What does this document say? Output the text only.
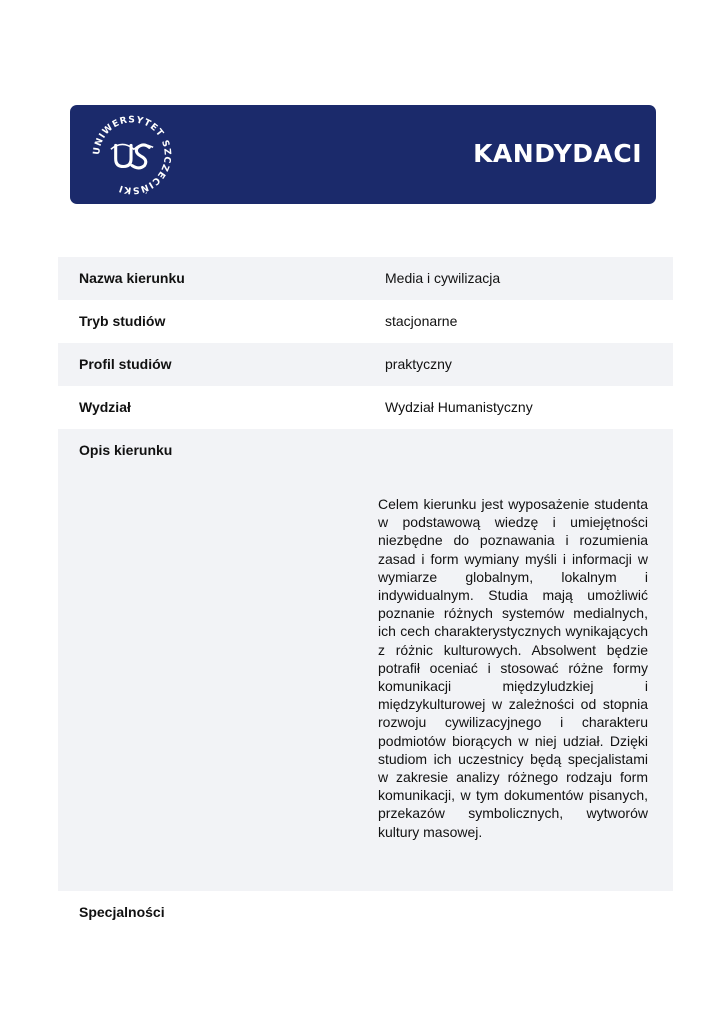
UNIWERSYTET SZCZECIŃSKI
KANDYDACI
Nazwa kierunku	Media i cywilizacja
Tryb studiów	stacjonarne
Profil studiów	praktyczny
Wydział	Wydział Humanistyczny
Opis kierunku
Celem kierunku jest wyposażenie studenta w podstawową wiedzę i umiejętności niezbędne do poznawania i rozumienia zasad i form wymiany myśli i informacji w wymiarze globalnym, lokalnym i indywidualnym. Studia mają umożliwić poznanie różnych systemów medialnych, ich cech charakterystycznych wynikających z różnic kulturowych. Absolwent będzie potrafił oceniać i stosować różne formy komunikacji międzyludzkiej i międzykulturowej w zależności od stopnia rozwoju cywilizacyjnego i charakteru podmiotów biorących w niej udział. Dzięki studiom ich uczestnicy będą specjalistami w zakresie analizy różnego rodzaju form komunikacji, w tym dokumentów pisanych, przekazów symbolicznych, wytworów kultury masowej.
Specjalności
